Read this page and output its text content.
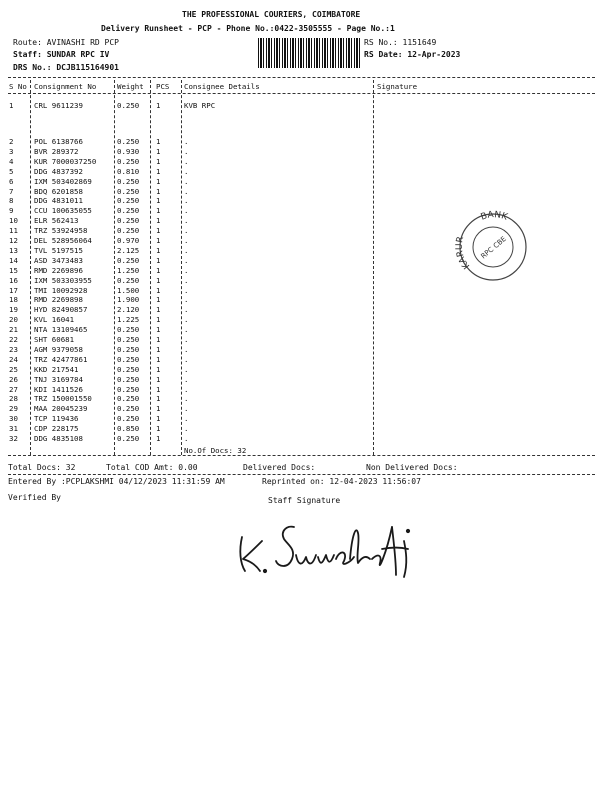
THE PROFESSIONAL COURIERS, COIMBATORE
Delivery Runsheet - PCP - Phone No.:0422-3505555 - Page No.:1
Route: AVINASHI RD PCP
Staff: SUNDAR RPC IV
DRS No.: DCJB115164901
RS No.: 1151649
RS Date: 12-Apr-2023
S No Consignment No	Weight PCS Consignee Details	Signature
1	CRL 9611239	0.250 1	KVB RPC
2	POL 6138766	0.250 1	.
3	BVR 289372	0.930 1	.
4	KUR 7000037250	0.250 1	.
5	DDG 4837392	0.810 1	.
6	IXM 503402869	0.250 1	.
7	BDQ 6201858	0.250 1	.
8	DDG 4831011	0.250 1	.
9	CCU 100635055	0.250 1	.
10 ELR 562413	0.250 1	.
11 TRZ 53924958	0.250 1	.
12 DEL 528956064	0.970 1	.
13 TVL 5197515	2.125 1	.
14 ASD 3473483	0.250 1	.
15 RMD 2269896	1.250 1	.
16 IXM 503303955	0.250 1	.
17 TMI 10092928	1.500 1	.
18 RMD 2269898	1.900 1	.
19 HYD 82490857	2.120 1	.
20 KVL 16041	1.225 1	.
21 NTA 13109465	0.250 1	.
22 SHT 60681	0.250 1	.
23 AGM 9379058	0.250 1	.
24 TRZ 42477861	0.250 1	.
25 KKD 217541	0.250 1	.
26 TNJ 3169784	0.250 1	.
27 KDI 1411526	0.250 1	.
28 TRZ 150001550	0.250 1	.
29 MAA 20045239	0.250 1	.
30 TCP 119436	0.250 1	.
31 CDP 228175	0.850 1	.
32 DDG 4835108	0.250 1	.
No.Of Docs: 32
KARUR
BANK
RPC CBE
Total Docs: 32	Total COD Amt: 0.00	Delivered Docs:	Non Delivered Docs:
Entered By :PCPLAKSHMI 04/12/2023 11:31:59 AM	Reprinted on: 12-04-2023 11:56:07
Verified By	Staff Signature
